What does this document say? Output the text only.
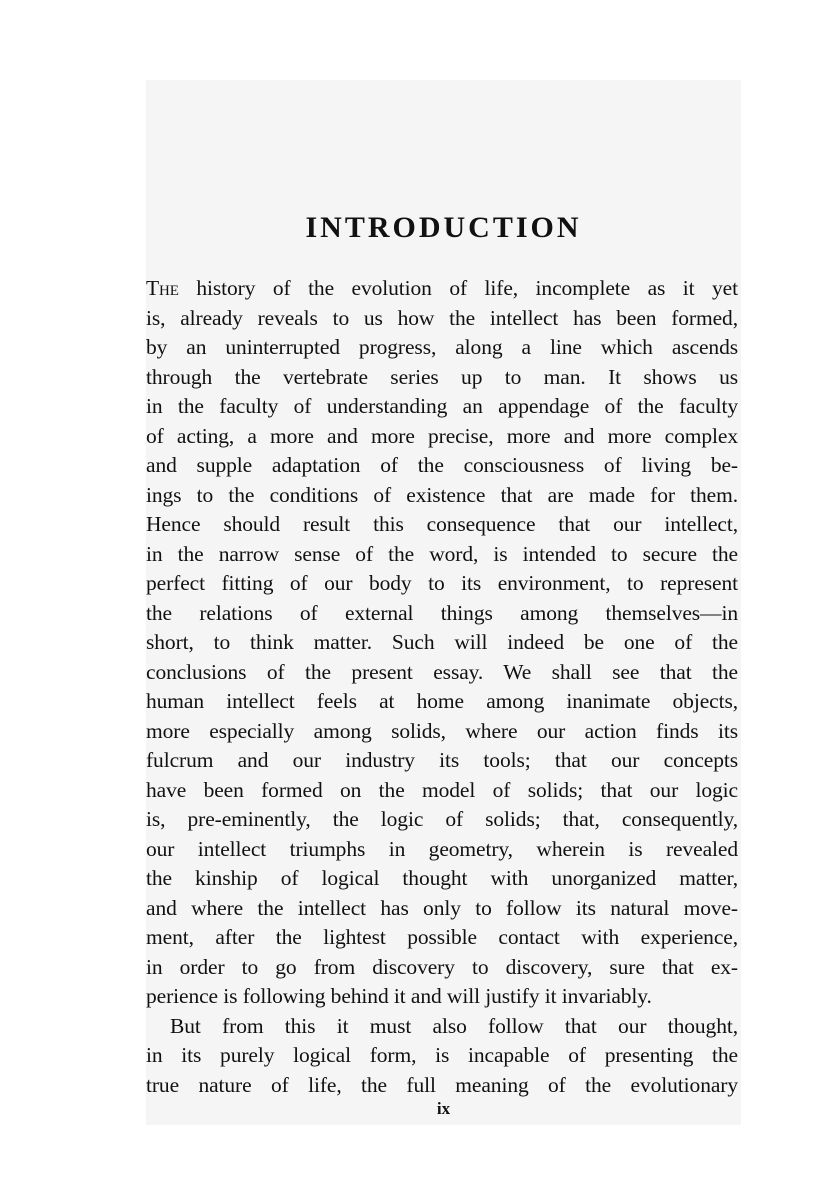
INTRODUCTION
The history of the evolution of life, incomplete as it yet
is, already reveals to us how the intellect has been formed,
by an uninterrupted progress, along a line which ascends
through the vertebrate series up to man. It shows us
in the faculty of understanding an appendage of the faculty
of acting, a more and more precise, more and more complex
and supple adaptation of the consciousness of living be-
ings to the conditions of existence that are made for them.
Hence should result this consequence that our intellect,
in the narrow sense of the word, is intended to secure the
perfect fitting of our body to its environment, to represent
the relations of external things among themselves—in
short, to think matter. Such will indeed be one of the
conclusions of the present essay. We shall see that the
human intellect feels at home among inanimate objects,
more especially among solids, where our action finds its
fulcrum and our industry its tools; that our concepts
have been formed on the model of solids; that our logic
is, pre-eminently, the logic of solids; that, consequently,
our intellect triumphs in geometry, wherein is revealed
the kinship of logical thought with unorganized matter,
and where the intellect has only to follow its natural move-
ment, after the lightest possible contact with experience,
in order to go from discovery to discovery, sure that ex-
perience is following behind it and will justify it invariably.
But from this it must also follow that our thought,
in its purely logical form, is incapable of presenting the
true nature of life, the full meaning of the evolutionary
ix
